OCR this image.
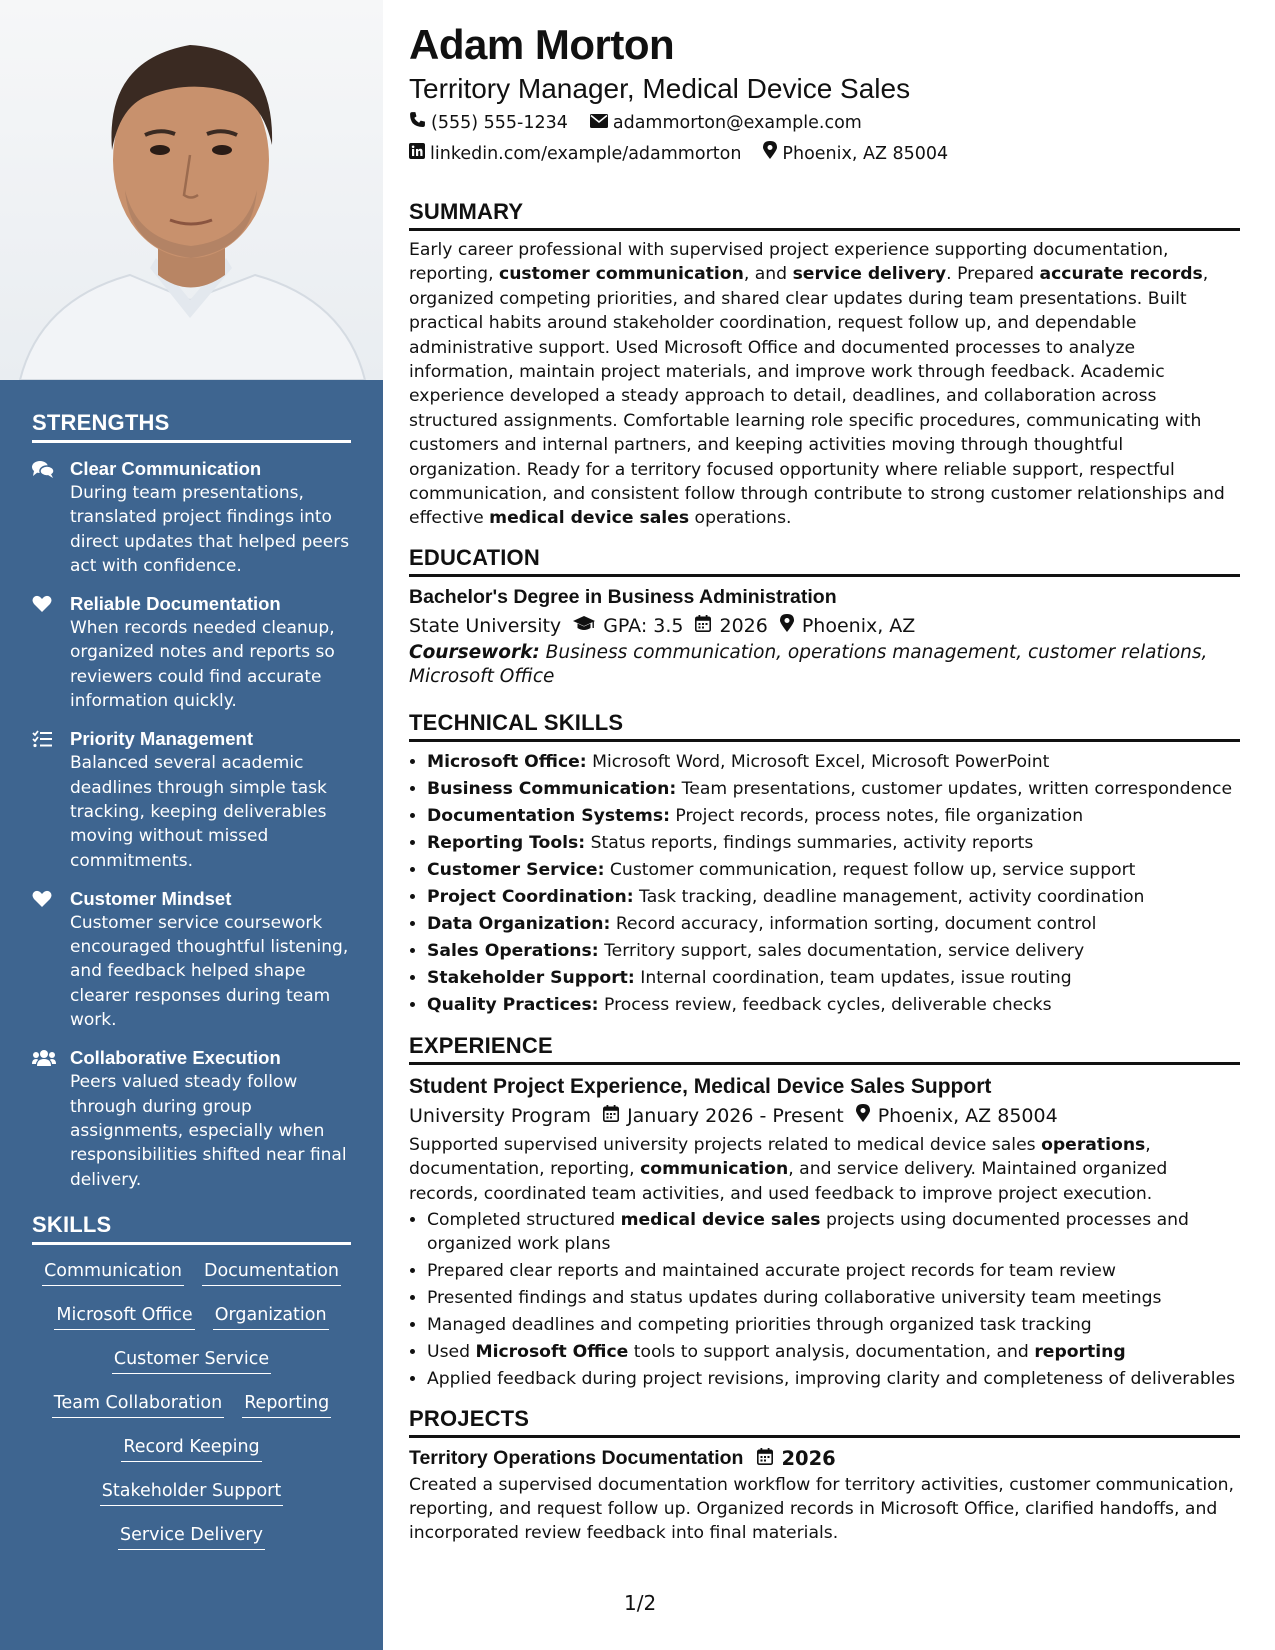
STRENGTHS
Clear Communication
During team presentations, translated project findings into direct updates that helped peers act with confidence.
Reliable Documentation
When records needed cleanup, organized notes and reports so reviewers could find accurate information quickly.
Priority Management
Balanced several academic deadlines through simple task tracking, keeping deliverables moving without missed commitments.
Customer Mindset
Customer service coursework encouraged thoughtful listening, and feedback helped shape clearer responses during team work.
Collaborative Execution
Peers valued steady follow through during group assignments, especially when responsibilities shifted near final delivery.
SKILLS
Communication Documentation
Microsoft Office Organization
Customer Service
Team Collaboration Reporting
Record Keeping
Stakeholder Support
Service Delivery
Adam Morton
Territory Manager, Medical Device Sales
(555) 555-1234	adammorton@example.com
linkedin.com/example/adammorton Phoenix, AZ 85004
SUMMARY

Early career professional with supervised project experience supporting documentation, reporting, customer communication, and service delivery. Prepared accurate records, organized competing priorities, and shared clear updates during team presentations. Built practical habits around stakeholder coordination, request follow up, and dependable administrative support. Used Microsoft Office and documented processes to analyze information, maintain project materials, and improve work through feedback. Academic experience developed a steady approach to detail, deadlines, and collaboration across structured assignments. Comfortable learning role specific procedures, communicating with customers and internal partners, and keeping activities moving through thoughtful organization. Ready for a territory focused opportunity where reliable support, respectful communication, and consistent follow through contribute to strong customer relationships and effective medical device sales operations.

EDUCATION
Bachelor's Degree in Business Administration
State University GPA: 3.5 2026 Phoenix, AZ
Coursework: Business communication, operations management, customer relations, Microsoft Office
TECHNICAL SKILLS
• Microsoft Office: Microsoft Word, Microsoft Excel, Microsoft PowerPoint
• Business Communication: Team presentations, customer updates, written correspondence
• Documentation Systems: Project records, process notes, file organization
• Reporting Tools: Status reports, findings summaries, activity reports
• Customer Service: Customer communication, request follow up, service support
• Project Coordination: Task tracking, deadline management, activity coordination
• Data Organization: Record accuracy, information sorting, document control
• Sales Operations: Territory support, sales documentation, service delivery
• Stakeholder Support: Internal coordination, team updates, issue routing
• Quality Practices: Process review, feedback cycles, deliverable checks
EXPERIENCE
Student Project Experience, Medical Device Sales Support
University Program January 2026 - Present Phoenix, AZ 85004

Supported supervised university projects related to medical device sales operations, documentation, reporting, communication, and service delivery. Maintained organized records, coordinated team activities, and used feedback to improve project execution.

• Completed structured medical device sales projects using documented processes and organized work plans
• Prepared clear reports and maintained accurate project records for team review
• Presented findings and status updates during collaborative university team meetings
• Managed deadlines and competing priorities through organized task tracking
• Used Microsoft Office tools to support analysis, documentation, and reporting
• Applied feedback during project revisions, improving clarity and completeness of deliverables
PROJECTS
Territory Operations Documentation 2026

Created a supervised documentation workflow for territory activities, customer communication, reporting, and request follow up. Organized records in Microsoft Office, clarified handoffs, and incorporated review feedback into final materials.

1/2
